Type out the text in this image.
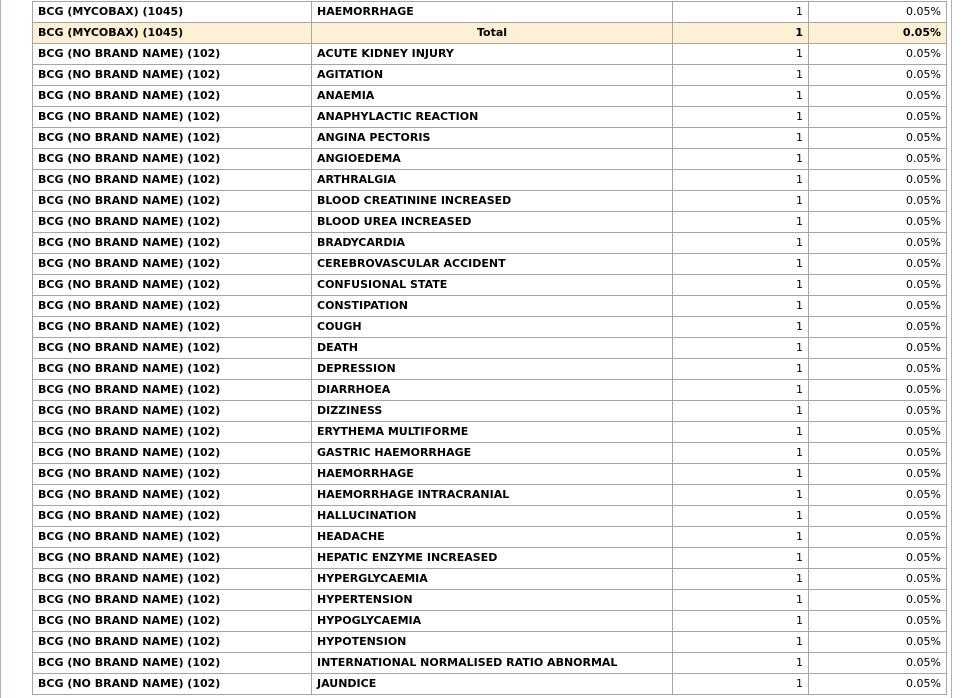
BCG (MYCOBAX) (1045)	HAEMORRHAGE	1	0.05%
BCG (MYCOBAX) (1045)	Total	1	0.05%
BCG (NO BRAND NAME) (102)	ACUTE KIDNEY INJURY	1	0.05%
BCG (NO BRAND NAME) (102)	AGITATION	1	0.05%
BCG (NO BRAND NAME) (102)	ANAEMIA	1	0.05%
BCG (NO BRAND NAME) (102)	ANAPHYLACTIC REACTION	1	0.05%
BCG (NO BRAND NAME) (102)	ANGINA PECTORIS	1	0.05%
BCG (NO BRAND NAME) (102)	ANGIOEDEMA	1	0.05%
BCG (NO BRAND NAME) (102)	ARTHRALGIA	1	0.05%
BCG (NO BRAND NAME) (102)	BLOOD CREATININE INCREASED	1	0.05%
BCG (NO BRAND NAME) (102)	BLOOD UREA INCREASED	1	0.05%
BCG (NO BRAND NAME) (102)	BRADYCARDIA	1	0.05%
BCG (NO BRAND NAME) (102)	CEREBROVASCULAR ACCIDENT	1	0.05%
BCG (NO BRAND NAME) (102)	CONFUSIONAL STATE	1	0.05%
BCG (NO BRAND NAME) (102)	CONSTIPATION	1	0.05%
BCG (NO BRAND NAME) (102)	COUGH	1	0.05%
BCG (NO BRAND NAME) (102)	DEATH	1	0.05%
BCG (NO BRAND NAME) (102)	DEPRESSION	1	0.05%
BCG (NO BRAND NAME) (102)	DIARRHOEA	1	0.05%
BCG (NO BRAND NAME) (102)	DIZZINESS	1	0.05%
BCG (NO BRAND NAME) (102)	ERYTHEMA MULTIFORME	1	0.05%
BCG (NO BRAND NAME) (102)	GASTRIC HAEMORRHAGE	1	0.05%
BCG (NO BRAND NAME) (102)	HAEMORRHAGE	1	0.05%
BCG (NO BRAND NAME) (102)	HAEMORRHAGE INTRACRANIAL	1	0.05%
BCG (NO BRAND NAME) (102)	HALLUCINATION	1	0.05%
BCG (NO BRAND NAME) (102)	HEADACHE	1	0.05%
BCG (NO BRAND NAME) (102)	HEPATIC ENZYME INCREASED	1	0.05%
BCG (NO BRAND NAME) (102)	HYPERGLYCAEMIA	1	0.05%
BCG (NO BRAND NAME) (102)	HYPERTENSION	1	0.05%
BCG (NO BRAND NAME) (102)	HYPOGLYCAEMIA	1	0.05%
BCG (NO BRAND NAME) (102)	HYPOTENSION	1	0.05%
BCG (NO BRAND NAME) (102)	INTERNATIONAL NORMALISED RATIO ABNORMAL	1	0.05%
BCG (NO BRAND NAME) (102)	JAUNDICE	1	0.05%
